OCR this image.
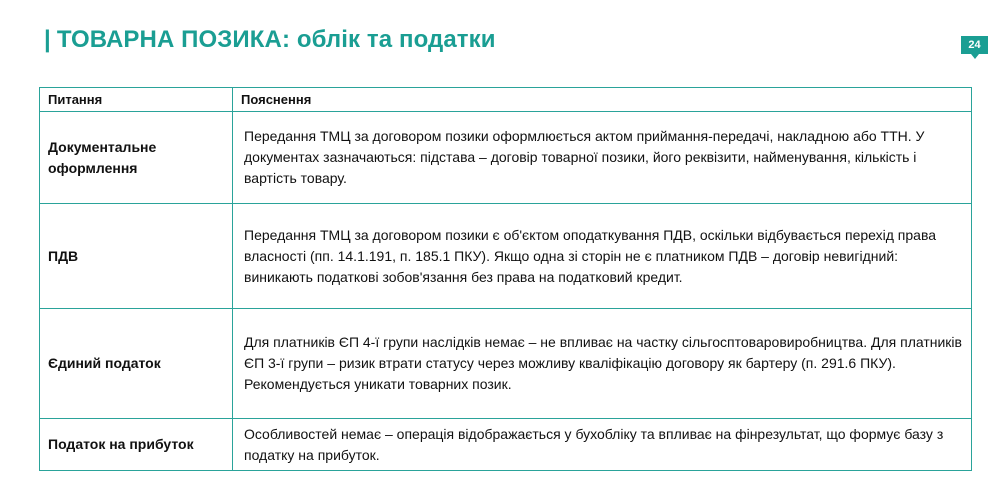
| ТОВАРНА ПОЗИКА: облік та податки	24
Питання	Пояснення
Документальне оформлення	Передання ТМЦ за договором позики оформлюється актом приймання-передачі, накладною або ТТН. У документах зазначаються: підстава – договір товарної позики, його реквізити, найменування, кількість і вартість товару.
ПДВ	Передання ТМЦ за договором позики є об'єктом оподаткування ПДВ, оскільки відбувається перехід права власності (пп. 14.1.191, п. 185.1 ПКУ). Якщо одна зі сторін не є платником ПДВ – договір невигідний: виникають податкові зобов'язання без права на податковий кредит.
Єдиний податок	Для платників ЄП 4-ї групи наслідків немає – не впливає на частку сільгосптоваровиробництва. Для платників ЄП 3-ї групи – ризик втрати статусу через можливу кваліфікацію договору як бартеру (п. 291.6 ПКУ). Рекомендується уникати товарних позик.
Податок на прибуток	Особливостей немає – операція відображається у бухобліку та впливає на фінрезультат, що формує базу з податку на прибуток.
